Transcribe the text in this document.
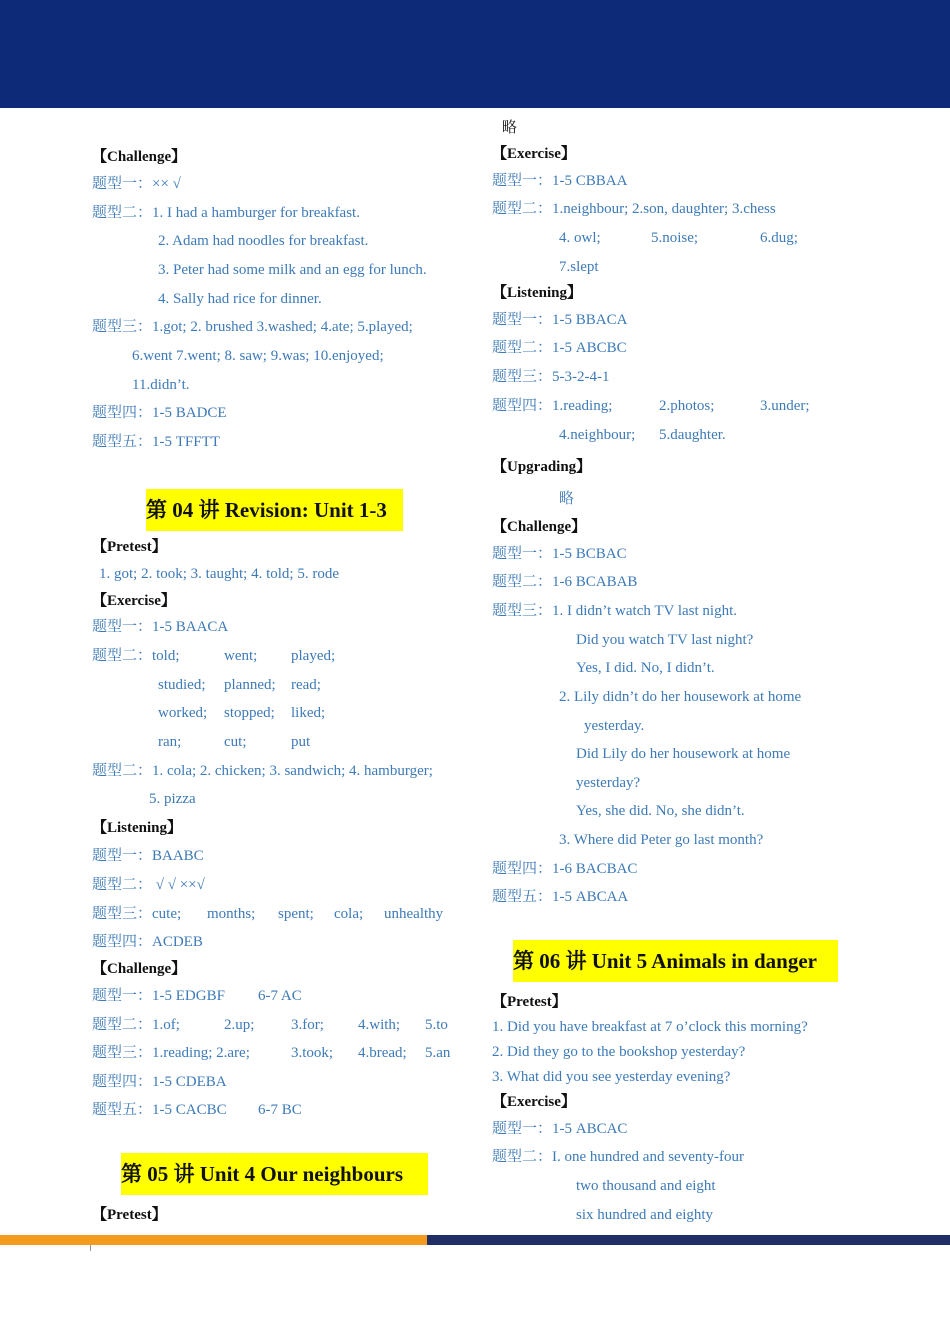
【Challenge】
题型一：×× √
题型二：1. I had a hamburger for breakfast.
2. Adam had noodles for breakfast.
3. Peter had some milk and an egg for lunch.
4. Sally had rice for dinner.
题型三：1.got; 2. brushed 3.washed; 4.ate; 5.played;
6.went 7.went; 8. saw; 9.was; 10.enjoyed;
11.didn’t.
题型四：1-5 BADCE
题型五：1-5 TFFTT
第 04 讲 Revision: Unit 1-3
【Pretest】
1. got; 2. took; 3. taught; 4. told; 5. rode
【Exercise】
题型一：1-5 BAACA
题型二：told;	went; played;
studied; planned; read;
worked; stopped; liked;
ran;	cut;	put
题型二：1. cola; 2. chicken; 3. sandwich; 4. hamburger;
5. pizza
【Listening】
题型一：BAABC
题型二： √ √ ××√
题型三：cute; months; spent; cola; unhealthy
题型四：ACDEB
【Challenge】
题型一：1-5 EDGBF 6-7 AC
题型二：1.of;	2.up; 3.for; 4.with; 5.to
题型三：1.reading; 2.are;	3.took; 4.bread; 5.an
题型四：1-5 CDEBA
题型五：1-5 CACBC 6-7 BC
第 05 讲 Unit 4 Our neighbours
【Pretest】
略
【Exercise】
题型一：1-5 CBBAA
题型二：1.neighbour; 2.son, daughter; 3.chess
4. owl;	5.noise;	6.dug;
7.slept
【Listening】
题型一：1-5 BBACA
题型二：1-5 ABCBC
题型三：5-3-2-4-1
题型四：1.reading;	2.photos;	3.under;
4.neighbour; 5.daughter.
【Upgrading】
略
【Challenge】
题型一：1-5 BCBAC
题型二：1-6 BCABAB
题型三：1. I didn’t watch TV last night.
Did you watch TV last night?
Yes, I did. No, I didn’t.
2. Lily didn’t do her housework at home
yesterday.
Did Lily do her housework at home
yesterday?
Yes, she did. No, she didn’t.
3. Where did Peter go last month?
题型四：1-6 BACBAC
题型五：1-5 ABCAA
第 06 讲 Unit 5 Animals in danger
【Pretest】
1. Did you have breakfast at 7 o’clock this morning?
2. Did they go to the bookshop yesterday?
3. What did you see yesterday evening?
【Exercise】
题型一：1-5 ABCAC
题型二：I. one hundred and seventy-four
two thousand and eight
six hundred and eighty
